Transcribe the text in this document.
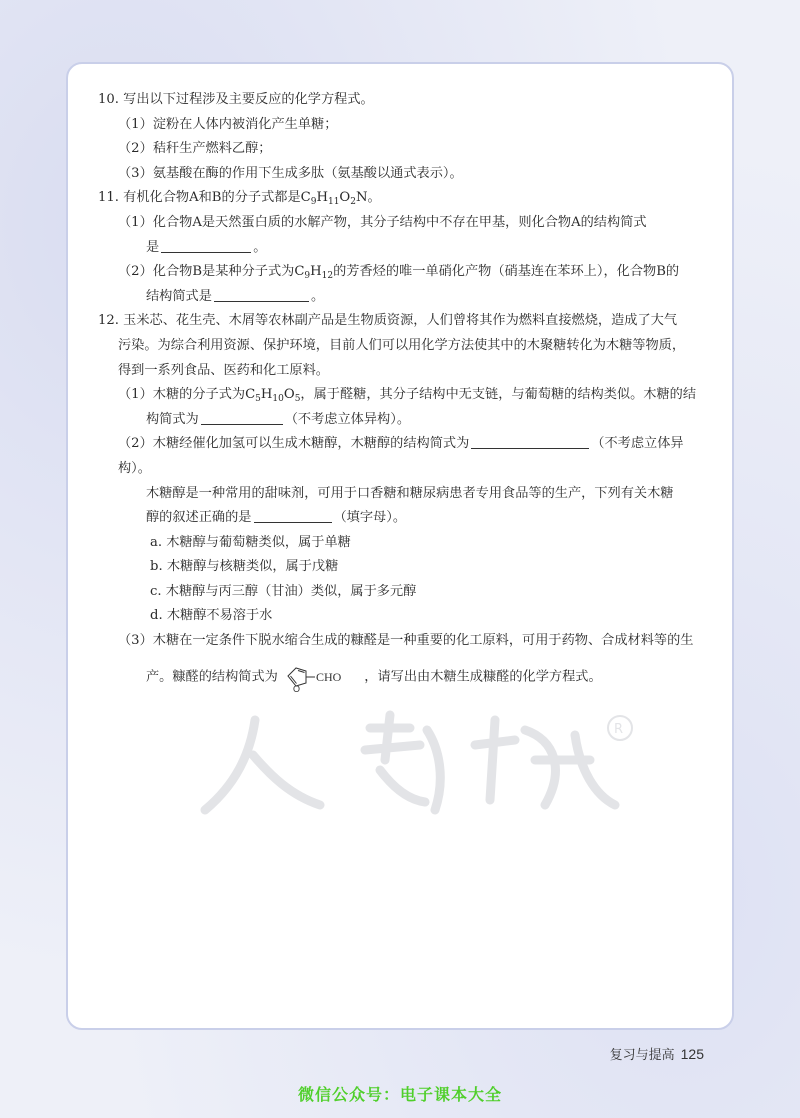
10. 写出以下过程涉及主要反应的化学方程式。

（1）淀粉在人体内被消化产生单糖；

（2）秸秆生产燃料乙醇；

（3）氨基酸在酶的作用下生成多肽（氨基酸以通式表示）。

11. 有机化合物A和B的分子式都是$C_9H_{11}O_2N$。

（1）化合物A是天然蛋白质的水解产物，其分子结构中不存在甲基，则化合物A的结构简式

是	。

（2）化合物B是某种分子式为$C_9H_{12}$的芳香烃的唯一单硝化产物（硝基连在苯环上），化合物B的

结构简式是	。

12. 玉米芯、花生壳、木屑等农林副产品是生物质资源，人们曾将其作为燃料直接燃烧，造成了大气

污染。为综合利用资源、保护环境，目前人们可以用化学方法使其中的木聚糖转化为木糖等物质，

得到一系列食品、医药和化工原料。

（1）木糖的分子式为$C_5H_{10}O_5$，属于醛糖，其分子结构中无支链，与葡萄糖的结构类似。木糖的结

构简式为	（不考虑立体异构）。

（2）木糖经催化加氢可以生成木糖醇，木糖醇的结构简式为	（不考虑立体异构）。

木糖醇是一种常用的甜味剂，可用于口香糖和糖尿病患者专用食品等的生产，下列有关木糖

醇的叙述正确的是	（填字母）。

a. 木糖醇与葡萄糖类似，属于单糖

b. 木糖醇与核糖类似，属于戊糖

c. 木糖醇与丙三醇（甘油）类似，属于多元醇

d. 木糖醇不易溶于水

（3）木糖在一定条件下脱水缩合生成的糠醛是一种重要的化工原料，可用于药物、合成材料等的生

产。糠醛的结构简式为
O
CHO ，请写出由木糖生成糠醛的化学方程式。

R
复习与提高 125
微信公众号：电子课本大全
